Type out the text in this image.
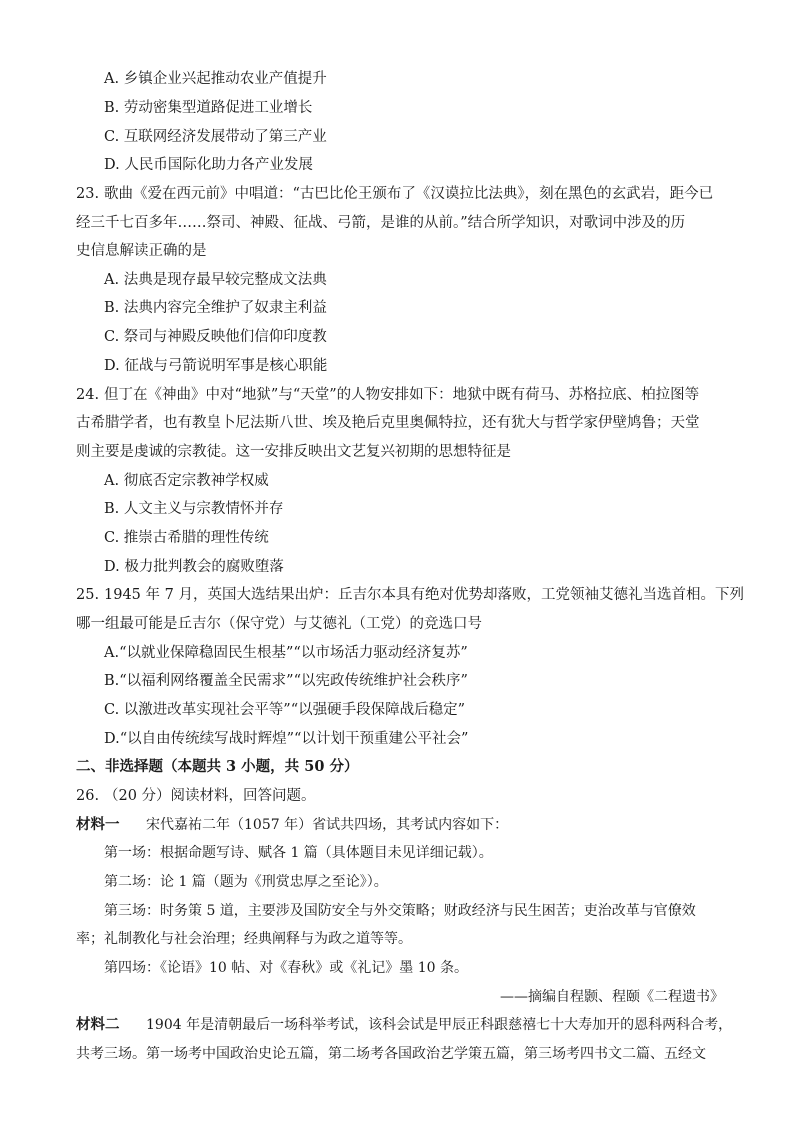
A. 乡镇企业兴起推动农业产值提升
B. 劳动密集型道路促进工业增长
C. 互联网经济发展带动了第三产业
D. 人民币国际化助力各产业发展
23. 歌曲《爱在西元前》中唱道：“古巴比伦王颁布了《汉谟拉比法典》，刻在黑色的玄武岩，距今已
经三千七百多年……祭司、神殿、征战、弓箭，是谁的从前。”结合所学知识，对歌词中涉及的历
史信息解读正确的是
A. 法典是现存最早较完整成文法典
B. 法典内容完全维护了奴隶主利益
C. 祭司与神殿反映他们信仰印度教
D. 征战与弓箭说明军事是核心职能
24. 但丁在《神曲》中对“地狱”与“天堂”的人物安排如下：地狱中既有荷马、苏格拉底、柏拉图等
古希腊学者，也有教皇卜尼法斯八世、埃及艳后克里奥佩特拉，还有犹大与哲学家伊壁鸠鲁；天堂
则主要是虔诚的宗教徒。这一安排反映出文艺复兴初期的思想特征是
A. 彻底否定宗教神学权威
B. 人文主义与宗教情怀并存
C. 推崇古希腊的理性传统
D. 极力批判教会的腐败堕落
25. 1945 年 7 月，英国大选结果出炉：丘吉尔本具有绝对优势却落败，工党领袖艾德礼当选首相。下列
哪一组最可能是丘吉尔（保守党）与艾德礼（工党）的竞选口号
A.“以就业保障稳固民生根基”“以市场活力驱动经济复苏”
B.“以福利网络覆盖全民需求”“以宪政传统维护社会秩序”
C. 以激进改革实现社会平等”“以强硬手段保障战后稳定”
D.“以自由传统续写战时辉煌”“以计划干预重建公平社会”
二、非选择题（本题共 3 小题，共 50 分）
26. （20 分）阅读材料，回答问题。
材料一 宋代嘉祐二年（1057 年）省试共四场，其考试内容如下：
第一场：根据命题写诗、赋各 1 篇（具体题目未见详细记载）。
第二场：论 1 篇（题为《刑赏忠厚之至论》）。
第三场：时务策 5 道，主要涉及国防安全与外交策略；财政经济与民生困苦；吏治改革与官僚效
率；礼制教化与社会治理；经典阐释与为政之道等等。
第四场：《论语》10 帖、对《春秋》或《礼记》墨 10 条。
——摘编自程颢、程颐《二程遗书》
材料二 1904 年是清朝最后一场科举考试，该科会试是甲辰正科跟慈禧七十大寿加开的恩科两科合考，
共考三场。第一场考中国政治史论五篇，第二场考各国政治艺学策五篇，第三场考四书文二篇、五经文
